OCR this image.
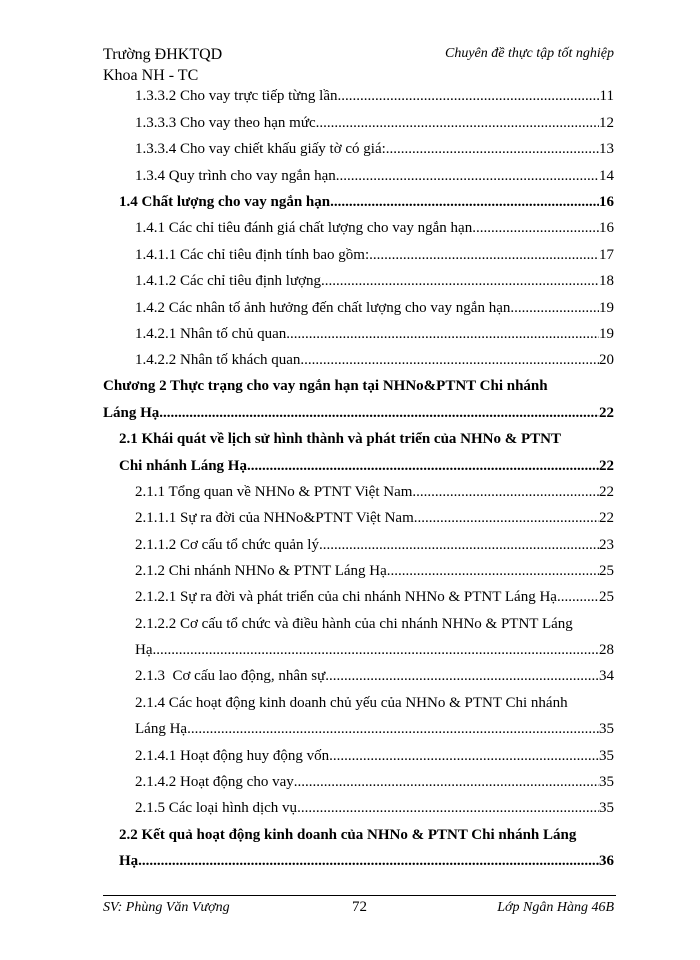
Trường ĐHKTQD
Khoa NH - TC
Chuyên đề thực tập tốt nghiệp
1.3.3.2 Cho vay trực tiếp từng lần .....	11
1.3.3.3 Cho vay theo hạn mức .....	12
1.3.3.4 Cho vay chiết khấu giấy tờ có giá: .....	13
1.3.4 Quy trình cho vay ngắn hạn .....	14
1.4 Chất lượng cho vay ngắn hạn .....	16
1.4.1 Các chỉ tiêu đánh giá chất lượng cho vay ngắn hạn .....	16
1.4.1.1 Các chỉ tiêu định tính bao gồm: .....	17
1.4.1.2 Các chỉ tiêu định lượng .....	18
1.4.2 Các nhân tố ảnh hưởng đến chất lượng cho vay ngắn hạn .....	19
1.4.2.1 Nhân tố chủ quan .....	19
1.4.2.2 Nhân tố khách quan .....	20
Chương 2 Thực trạng cho vay ngắn hạn tại NHNo&PTNT Chi nhánh
Láng Hạ .....	22
2.1 Khái quát về lịch sử hình thành và phát triển của NHNo & PTNT
Chi nhánh Láng Hạ .....	22
2.1.1 Tổng quan về NHNo & PTNT Việt Nam .....	22
2.1.1.1 Sự ra đời của NHNo&PTNT Việt Nam .....	22
2.1.1.2 Cơ cấu tổ chức quản lý. .....	23
2.1.2 Chi nhánh NHNo & PTNT Láng Hạ .....	25
2.1.2.1 Sự ra đời và phát triển của chi nhánh NHNo & PTNT Láng Hạ .....	25
2.1.2.2 Cơ cấu tổ chức và điều hành của chi nhánh NHNo & PTNT Láng
Hạ. .....	28
2.1.3  Cơ cấu lao động, nhân sự .....	34
2.1.4 Các hoạt động kinh doanh chủ yếu của NHNo & PTNT Chi nhánh
Láng Hạ .....	35
2.1.4.1 Hoạt động huy động vốn .....	35
2.1.4.2 Hoạt động cho vay .....	35
2.1.5 Các loại hình dịch vụ .....	35
2.2 Kết quả hoạt động kinh doanh của NHNo & PTNT Chi nhánh Láng
Hạ .....	36
SV: Phùng Văn Vượng	72	Lớp Ngân Hàng 46B
